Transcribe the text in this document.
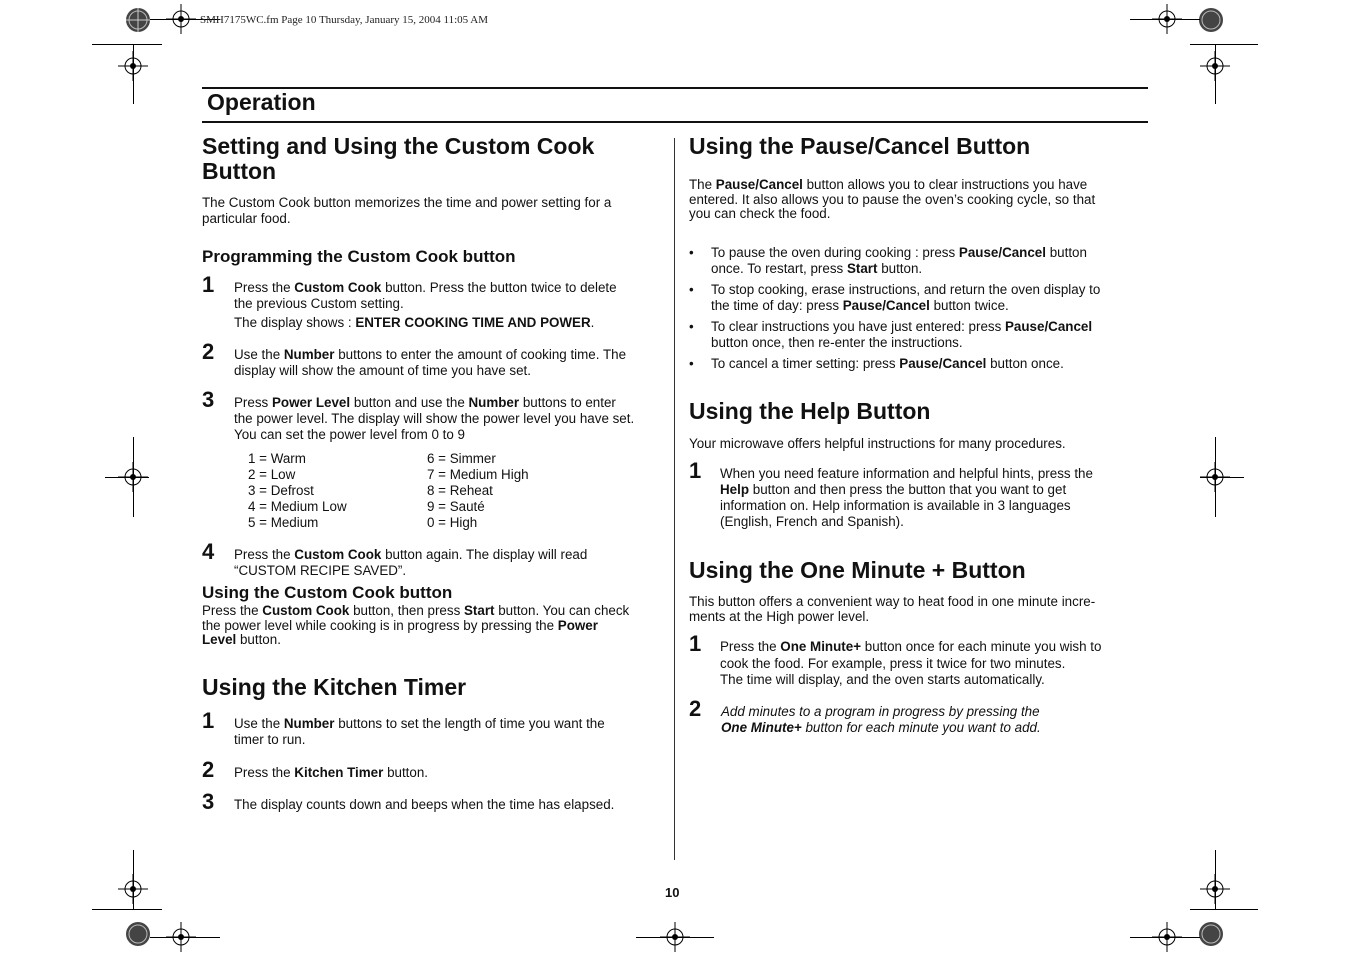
SMH7175WC.fm Page 10 Thursday, January 15, 2004 11:05 AM
Operation
Setting and Using the Custom Cook
Button
The Custom Cook button memorizes the time and power setting for a
particular food.
Programming the Custom Cook button
1 Press the Custom Cook button. Press the button twice to delete
the previous Custom setting.
The display shows : ENTER COOKING TIME AND POWER.
2 Use the Number buttons to enter the amount of cooking time. The
display will show the amount of time you have set.
3 Press Power Level button and use the Number buttons to enter
the power level. The display will show the power level you have set.
You can set the power level from 0 to 9
1 = Warm
2 = Low
3 = Defrost
4 = Medium Low
5 = Medium
6 = Simmer
7 = Medium High
8 = Reheat
9 = Sauté
0 = High
4 Press the Custom Cook button again. The display will read
“CUSTOM RECIPE SAVED”.
Using the Custom Cook button
Press the Custom Cook button, then press Start button. You can check
the power level while cooking is in progress by pressing the Power
Level button.
Using the Kitchen Timer
1 Use the Number buttons to set the length of time you want the
timer to run.
2 Press the Kitchen Timer button.
3 The display counts down and beeps when the time has elapsed.
Using the Pause/Cancel Button
The Pause/Cancel button allows you to clear instructions you have
entered. It also allows you to pause the oven’s cooking cycle, so that
you can check the food.
• To pause the oven during cooking : press Pause/Cancel button
once. To restart, press Start button.
• To stop cooking, erase instructions, and return the oven display to
the time of day: press Pause/Cancel button twice.
• To clear instructions you have just entered: press Pause/Cancel
button once, then re-enter the instructions.
• To cancel a timer setting: press Pause/Cancel button once.
Using the Help Button
Your microwave offers helpful instructions for many procedures.
1 When you need feature information and helpful hints, press the
Help button and then press the button that you want to get
information on. Help information is available in 3 languages
(English, French and Spanish).
Using the One Minute + Button
This button offers a convenient way to heat food in one minute incre-
ments at the High power level.
1 Press the One Minute+ button once for each minute you wish to
cook the food. For example, press it twice for two minutes.
The time will display, and the oven starts automatically.
2 Add minutes to a program in progress by pressing the
One Minute+ button for each minute you want to add.
10
